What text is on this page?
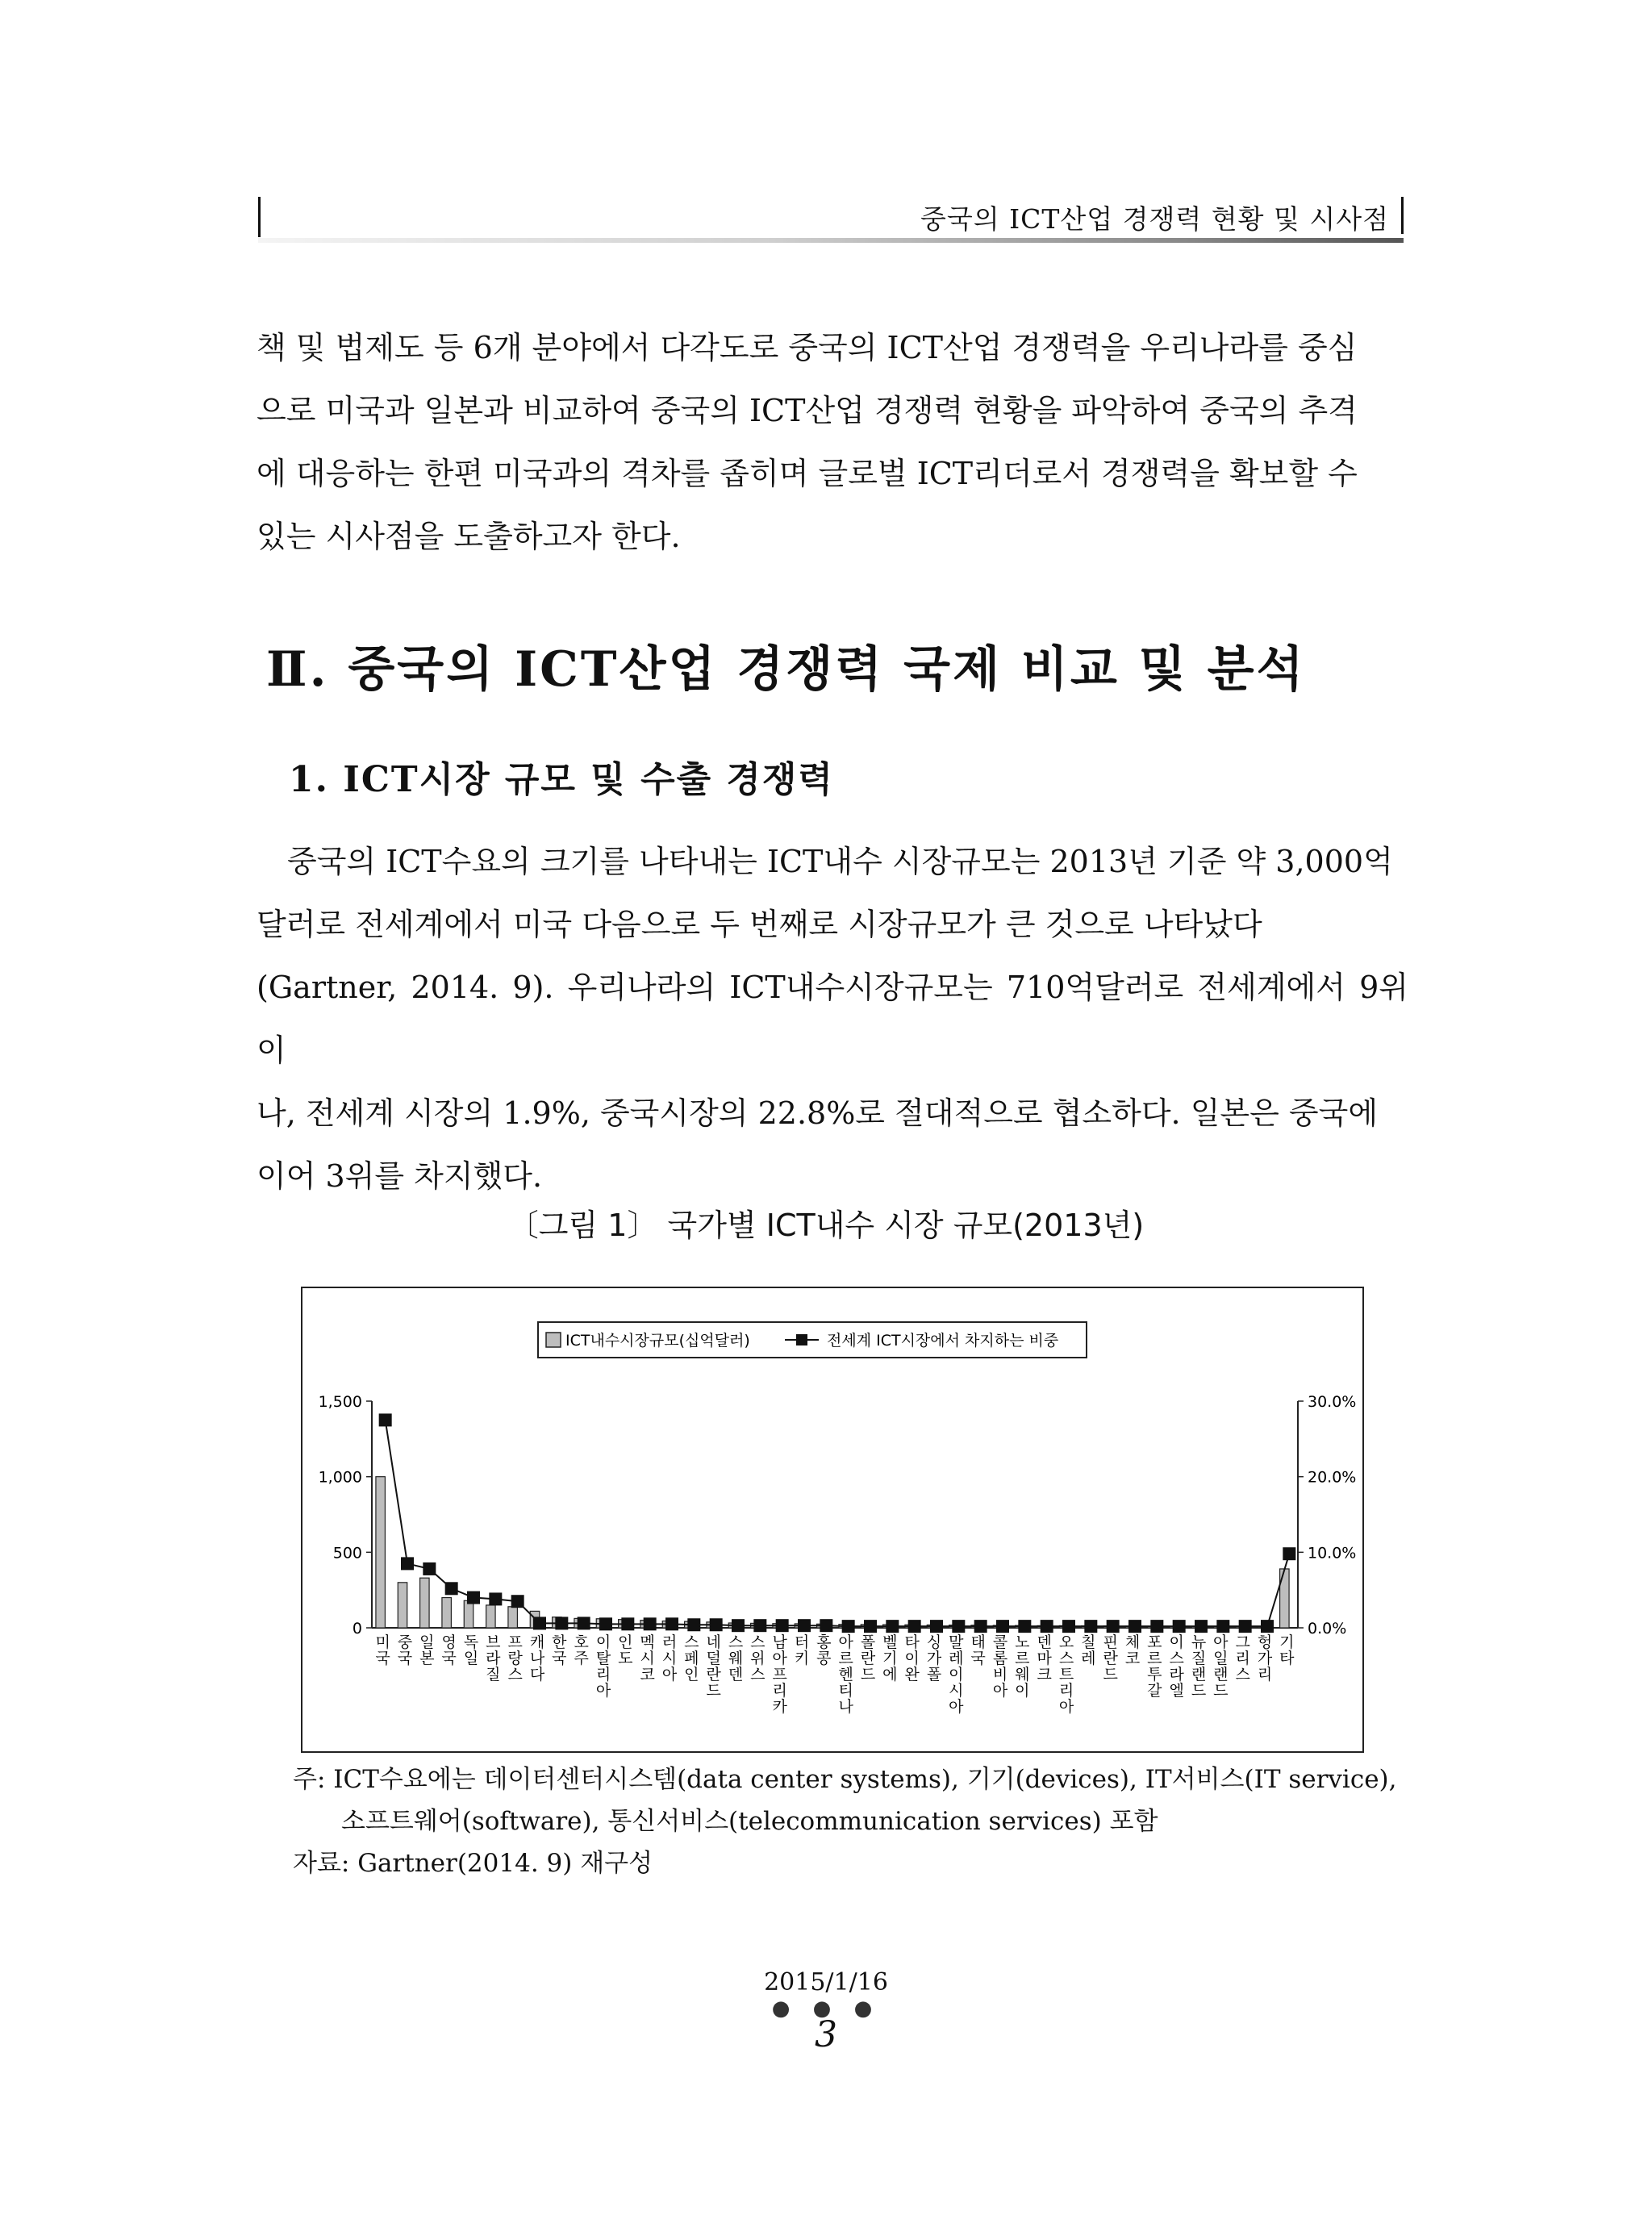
중국의 ICT산업 경쟁력 현황 및 시사점

책 및 법제도 등 6개 분야에서 다각도로 중국의 ICT산업 경쟁력을 우리나라를 중심

으로 미국과 일본과 비교하여 중국의 ICT산업 경쟁력 현황을 파악하여 중국의 추격

에 대응하는 한편 미국과의 격차를 좁히며 글로벌 ICT리더로서 경쟁력을 확보할 수

있는 시사점을 도출하고자 한다.

Ⅱ. 중국의 ICT산업 경쟁력 국제 비교 및 분석
1. ICT시장 규모 및 수출 경쟁력

중국의 ICT수요의 크기를 나타내는 ICT내수 시장규모는 2013년 기준 약 3,000억

달러로 전세계에서 미국 다음으로 두 번째로 시장규모가 큰 것으로 나타났다

(Gartner, 2014. 9). 우리나라의 ICT내수시장규모는 710억달러로 전세계에서 9위이

나, 전세계 시장의 1.9%, 중국시장의 22.8%로 절대적으로 협소하다. 일본은 중국에

이어 3위를 차지했다.

〔그림 1〕 국가별 ICT내수 시장 규모(2013년)
ICT내수시장규모(십억달러)	전세계 ICT시장에서 차지하는 비중
0
500
1,000
1,500
0.0%
10.0%
20.0%
30.0%
미 국
중 국
일 본
영 국
독 일
브 라 질
프 랑 스
캐 나 다
한 국
호 주
이 탈 리 아
인 도
멕 시 코
러 시 아
스 페 인
네 덜 란 드
스 웨 덴
스 위 스
남 아 프 리 카
터 키
홍 콩
아 르 헨 티 나
폴 란 드
벨 기 에
타 이 완
싱 가 폴
말 레 이 시 아
태 국
콜 롬 비 아
노 르 웨 이
덴 마 크
오 스 트 리 아
칠 레
핀 란 드
체 코
포 르 투 갈
이 스 라 엘
뉴 질 랜 드
아 일 랜 드
그 리 스
헝 가 리
기 타
주: ICT수요에는 데이터센터시스템(data center systems), 기기(devices), IT서비스(IT service),
소프트웨어(software), 통신서비스(telecommunication services) 포함
자료: Gartner(2014. 9) 재구성
2015/1/16
● ● ●
3
